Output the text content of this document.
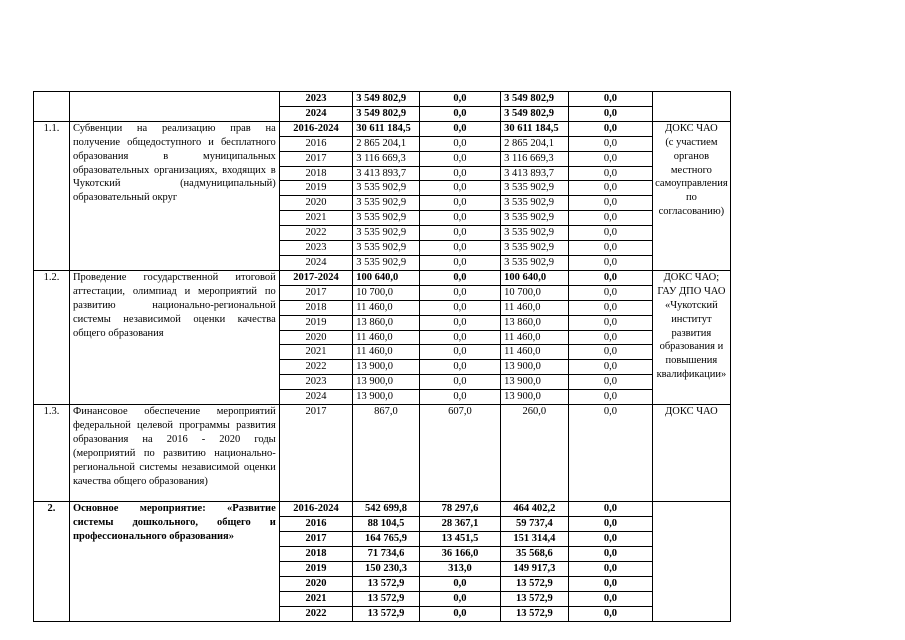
		2023	3 549 802,9	0,0	3 549 802,9	0,0	
		2024	3 549 802,9	0,0	3 549 802,9	0,0	
1.1.	Субвенции на реализацию прав на получение общедоступного и бесплатного образования в муниципальных образовательных организациях, входящих в Чукотский (надмуниципальный) образовательный округ	2016-2024	30 611 184,5	0,0	30 611 184,5	0,0	ДОКС ЧАО
(с участием органов местного самоуправления по согласованию)
		2016	2 865 204,1	0,0	2 865 204,1	0,0	
		2017	3 116 669,3	0,0	3 116 669,3	0,0	
		2018	3 413 893,7	0,0	3 413 893,7	0,0	
		2019	3 535 902,9	0,0	3 535 902,9	0,0	
		2020	3 535 902,9	0,0	3 535 902,9	0,0	
		2021	3 535 902,9	0,0	3 535 902,9	0,0	
		2022	3 535 902,9	0,0	3 535 902,9	0,0	
		2023	3 535 902,9	0,0	3 535 902,9	0,0	
		2024	3 535 902,9	0,0	3 535 902,9	0,0	
1.2.	Проведение государственной итоговой аттестации, олимпиад и мероприятий по развитию национально-региональной системы независимой оценки качества общего образования	2017-2024	100 640,0	0,0	100 640,0	0,0	ДОКС ЧАО; ГАУ ДПО ЧАО «Чукотский институт развития образования и повышения квалификации»
		2017	10 700,0	0,0	10 700,0	0,0	
		2018	11 460,0	0,0	11 460,0	0,0	
		2019	13 860,0	0,0	13 860,0	0,0	
		2020	11 460,0	0,0	11 460,0	0,0	
		2021	11 460,0	0,0	11 460,0	0,0	
		2022	13 900,0	0,0	13 900,0	0,0	
		2023	13 900,0	0,0	13 900,0	0,0	
		2024	13 900,0	0,0	13 900,0	0,0	
1.3.	Финансовое обеспечение мероприятий федеральной целевой программы развития образования на 2016 - 2020 годы (мероприятий по развитию национально-региональной системы независимой оценки качества общего образования)	2017	867,0	607,0	260,0	0,0	ДОКС ЧАО
2.	Основное мероприятие: «Развитие системы дошкольного, общего и профессионального образования»	2016-2024	542 699,8	78 297,6	464 402,2	0,0	
		2016	88 104,5	28 367,1	59 737,4	0,0	
		2017	164 765,9	13 451,5	151 314,4	0,0	
		2018	71 734,6	36 166,0	35 568,6	0,0	
		2019	150 230,3	313,0	149 917,3	0,0	
		2020	13 572,9	0,0	13 572,9	0,0	
		2021	13 572,9	0,0	13 572,9	0,0	
		2022	13 572,9	0,0	13 572,9	0,0	
